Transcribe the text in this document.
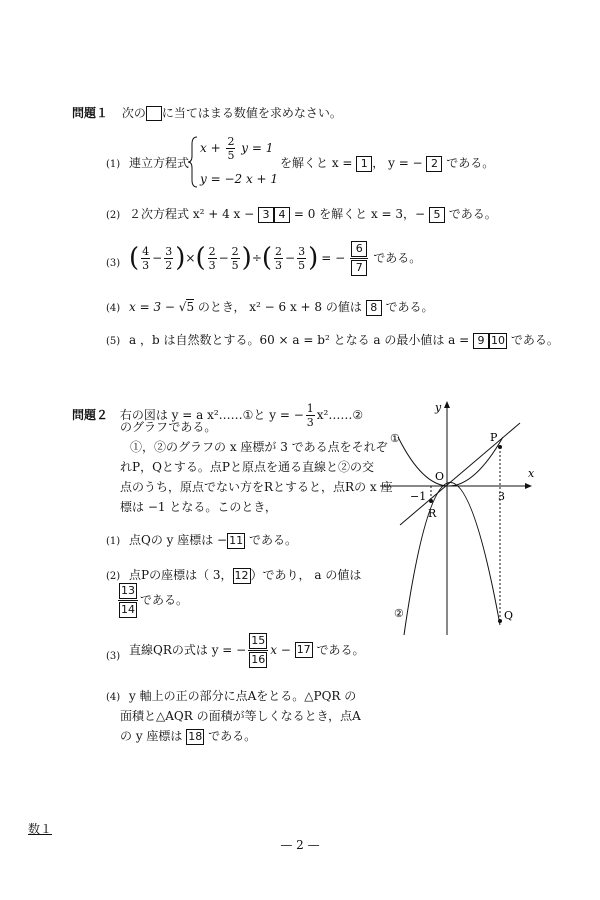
問題１ 次の に当てはまる数値を求めなさい。
(1) 連立方程式
$x + \frac{2}{5}$ y = 1
y = −2 x + 1
を解くと x = 1 ， y = − 2 である。
(2) ２次方程式 x² + 4 x − 3 4 = 0 を解くと x = 3，− 5 である。
(3) ( $\frac{4}{3} - \frac{3}{2}$ ) × ( $\frac{2}{3} - \frac{2}{5}$ ) ÷ ( $\frac{2}{3} - \frac{3}{5}$ ) = − $\frac{6}{7}$ である。
(4) x = 3 − √5 のとき， x² − 6 x + 8 の値は 8 である。
(5) a ，b は自然数とする。60 × a = b² となる a の最小値は a = 9 10 である。
問題２ 右の図は y = a x²……①と y = − $\frac{1}{3}$ x²……②
のグラフである。
①，②のグラフの x 座標が 3 である点をそれぞ
れP，Qとする。点Pと原点を通る直線と②の交
点のうち，原点でない方をRとすると，点Rの x 座
標は −1 となる。このとき，
(1) 点Qの y 座標は − 11 である。
(2) 点Pの座標は（ 3， 12 ）であり， a の値は
$\frac{13}{14}$ である。
(3) 直線QRの式は y = − $\frac{15}{16}$ x −
17
である。
(4) y 軸上の正の部分に点Aをとる。△PQR の
面積と△AQR の面積が等しくなるとき，点A
の y 座標は 18 である。
y
x
O
−1	3
P
Q
R
①
②
数１
— 2 —
